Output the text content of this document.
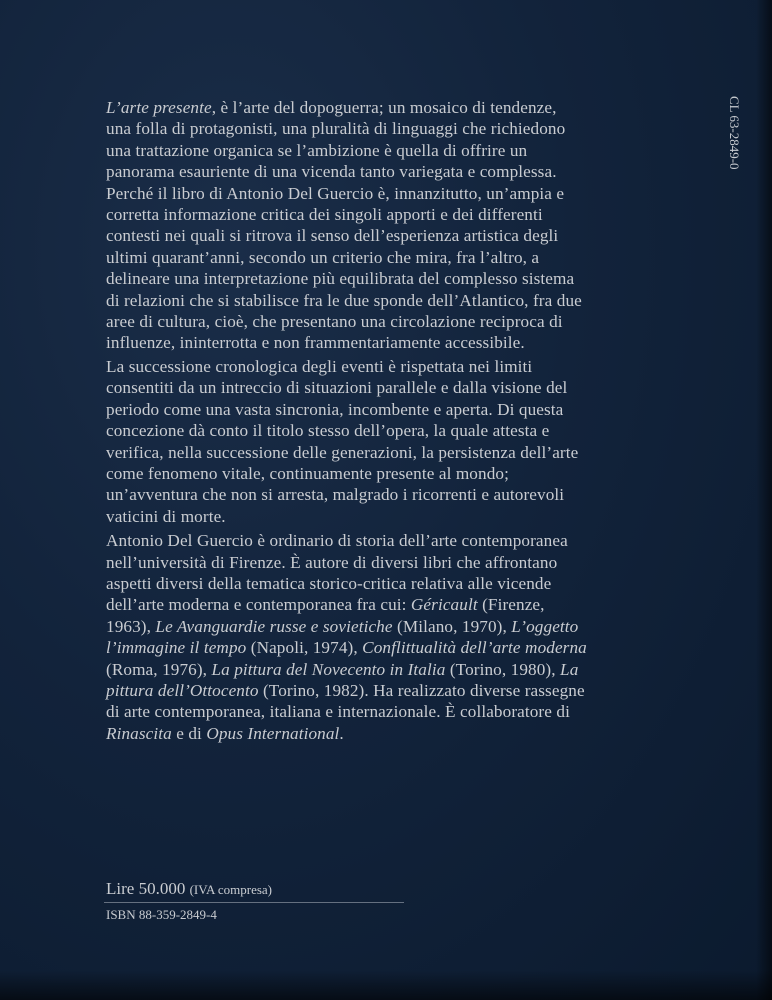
L’arte presente, è l’arte del dopoguerra; un mosaico di tendenze,
una folla di protagonisti, una pluralità di linguaggi che richiedono
una trattazione organica se l’ambizione è quella di offrire un
panorama esauriente di una vicenda tanto variegata e complessa.
Perché il libro di Antonio Del Guercio è, innanzitutto, un’ampia e
corretta informazione critica dei singoli apporti e dei differenti
contesti nei quali si ritrova il senso dell’esperienza artistica degli
ultimi quarant’anni, secondo un criterio che mira, fra l’altro, a
delineare una interpretazione più equilibrata del complesso sistema
di relazioni che si stabilisce fra le due sponde dell’Atlantico, fra due
aree di cultura, cioè, che presentano una circolazione reciproca di
influenze, ininterrotta e non frammentariamente accessibile.

La successione cronologica degli eventi è rispettata nei limiti
consentiti da un intreccio di situazioni parallele e dalla visione del
periodo come una vasta sincronia, incombente e aperta. Di questa
concezione dà conto il titolo stesso dell’opera, la quale attesta e
verifica, nella successione delle generazioni, la persistenza dell’arte
come fenomeno vitale, continuamente presente al mondo;
un’avventura che non si arresta, malgrado i ricorrenti e autorevoli
vaticini di morte.

Antonio Del Guercio è ordinario di storia dell’arte contemporanea
nell’università di Firenze. È autore di diversi libri che affrontano
aspetti diversi della tematica storico-critica relativa alle vicende
dell’arte moderna e contemporanea fra cui: Géricault (Firenze,
1963), Le Avanguardie russe e sovietiche (Milano, 1970), L’oggetto
l’immagine il tempo (Napoli, 1974), Conflittualità dell’arte moderna
(Roma, 1976), La pittura del Novecento in Italia (Torino, 1980), La
pittura dell’Ottocento (Torino, 1982). Ha realizzato diverse rassegne
di arte contemporanea, italiana e internazionale. È collaboratore di
Rinascita e di Opus International.

CL 63-2849-0
Lire 50.000 (IVA compresa)
ISBN 88-359-2849-4
